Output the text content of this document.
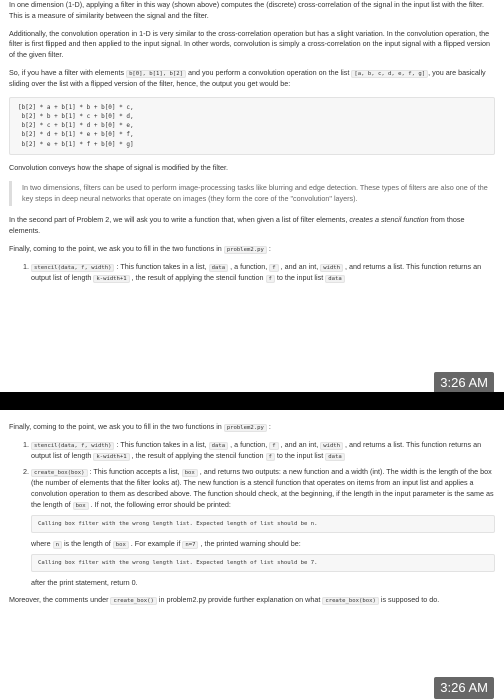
In one dimension (1-D), applying a filter in this way (shown above) computes the (discrete) cross-correlation of the signal in the input list with the filter. This is a measure of similarity between the signal and the filter.

Additionally, the convolution operation in 1-D is very similar to the cross-correlation operation but has a slight variation. In the convolution operation, the filter is first flipped and then applied to the input signal. In other words, convolution is simply a cross-correlation on the input signal with a flipped version of the given filter.

So, if you have a filter with elements b[0], b[1], b[2] and you perform a convolution operation on the list [a, b, c, d, e, f, g] , you are basically sliding over the list with a flipped version of the filter, hence, the output you get would be:

[b[2] * a + b[1] * b + b[0] * c,
b[2] * b + b[1] * c + b[0] * d,
b[2] * c + b[1] * d + b[0] * e,
b[2] * d + b[1] * e + b[0] * f,
b[2] * e + b[1] * f + b[0] * g]

Convolution conveys how the shape of signal is modified by the filter.

In two dimensions, filters can be used to perform image-processing tasks like blurring and edge detection. These types of filters are also one of the key steps in deep neural networks that operate on images (they form the core of the "convolution" layers).

In the second part of Problem 2, we will ask you to write a function that, when given a list of filter elements, creates a stencil function from those elements.

Finally, coming to the point, we ask you to fill in the two functions in problem2.py :

1. stencil(data, f, width) : This function takes in a list, data , a function, f , and an int, width , and returns a list. This function returns an output list of length k-width+1 , the result of applying the stencil function f to the input list data
3:26 AM

Finally, coming to the point, we ask you to fill in the two functions in problem2.py :

1. stencil(data, f, width) : This function takes in a list, data , a function, f , and an int, width , and returns a list. This function returns an output list of length k-width+1 , the result of applying the stencil function f to the input list data
2. create_box(box) : This function accepts a list, box , and returns two outputs: a new function and a width (int). The width is the length of the box (the number of elements that the filter looks at). The new function is a stencil function that operates on items from an input list and applies a convolution operation to them as described above. The function should check, at the beginning, if the length in the input parameter is the same as the length of box . If not, the following error should be printed:
Calling box filter with the wrong length list. Expected length of list should be n.
where n is the length of box . For example if n=7 , the printed warning should be:
Calling box filter with the wrong length list. Expected length of list should be 7.
after the print statement, return 0.

Moreover, the comments under create_box() in problem2.py provide further explanation on what create_box(box) is supposed to do.

3:26 AM
